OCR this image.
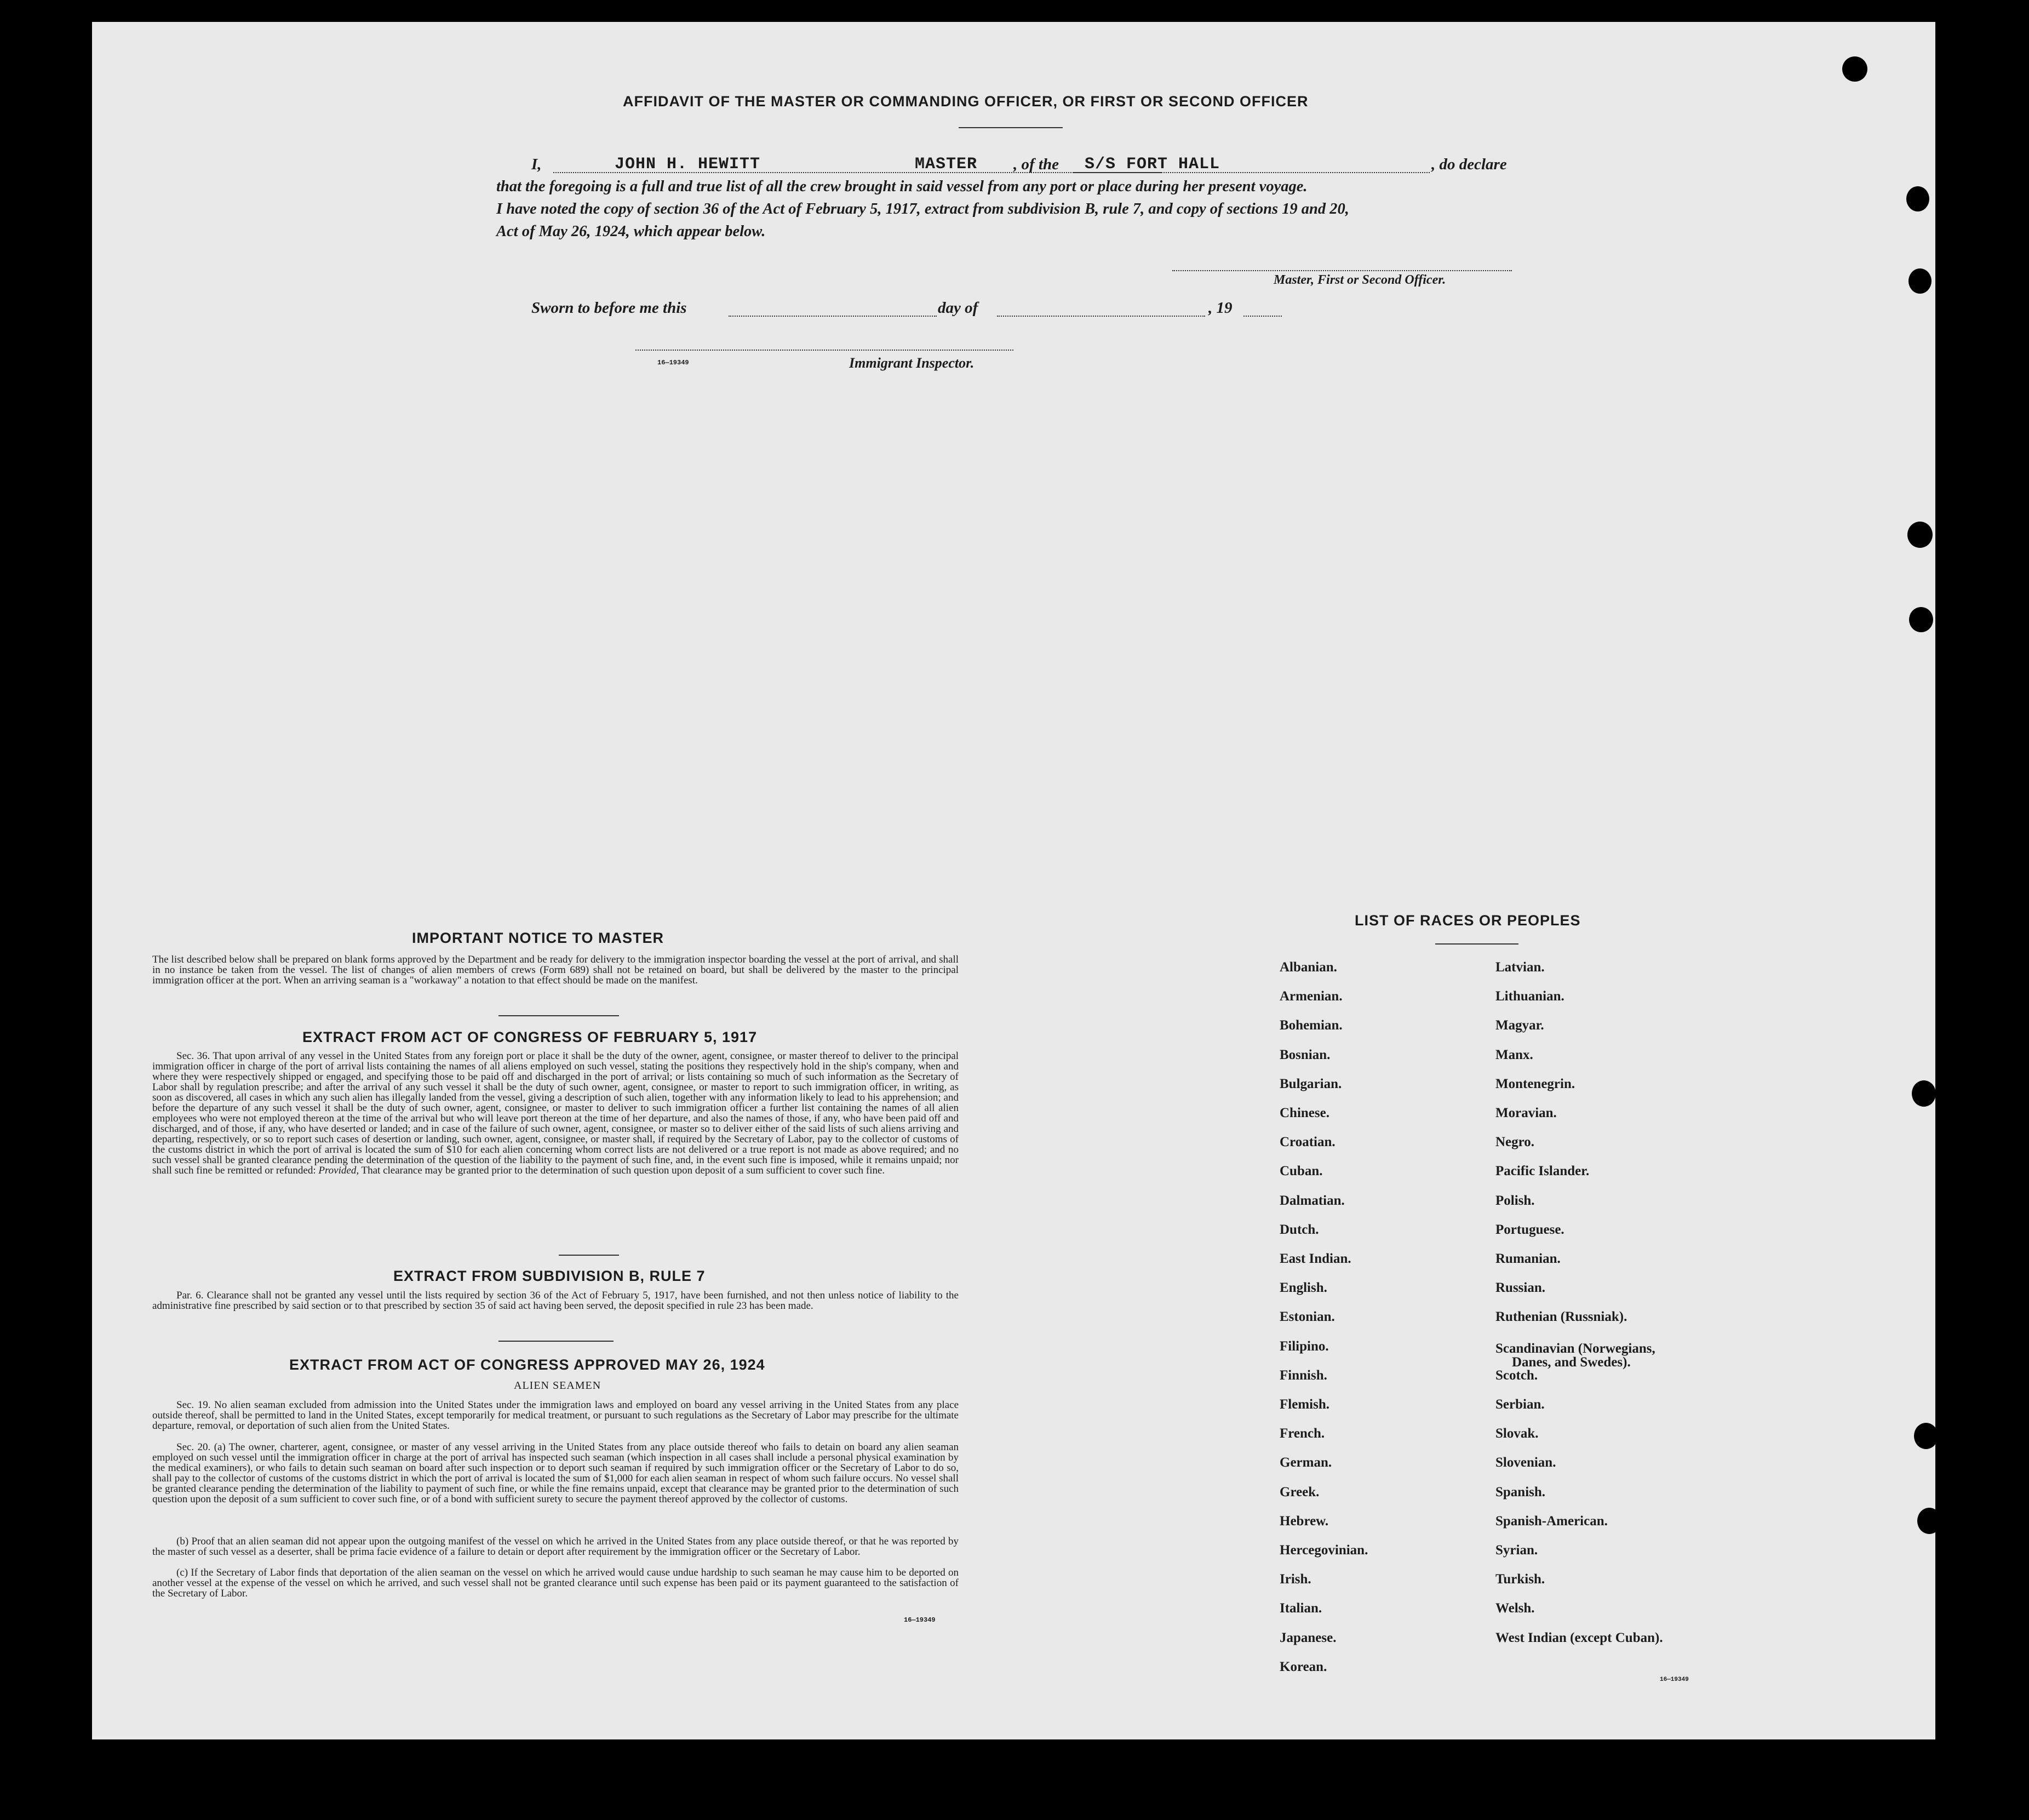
AFFIDAVIT OF THE MASTER OR COMMANDING OFFICER, OR FIRST OR SECOND OFFICER
I,	JOHN H. HEWITT	MASTER , of the S/S FORT HALL	, do declare
that the foregoing is a full and true list of all the crew brought in said vessel from any port or place during her present voyage.
I have noted the copy of section 36 of the Act of February 5, 1917, extract from subdivision B, rule 7, and copy of sections 19 and 20,
Act of May 26, 1924, which appear below.
Master, First or Second Officer.
Sworn to before me this	day of	, 19
16—19349	Immigrant Inspector.
IMPORTANT NOTICE TO MASTER
The list described below shall be prepared on blank forms approved by the Department and be ready for delivery to the immigration inspector boarding the vessel at the port of arrival, and shall in no instance be taken from the vessel. The list of changes of alien members of crews (Form 689) shall not be retained on board, but shall be delivered by the master to the principal immigration officer at the port. When an arriving seaman is a "workaway" a notation to that effect should be made on the manifest.
EXTRACT FROM ACT OF CONGRESS OF FEBRUARY 5, 1917
Sec. 36. That upon arrival of any vessel in the United States from any foreign port or place it shall be the duty of the owner, agent, consignee, or master thereof to deliver to the principal immigration officer in charge of the port of arrival lists containing the names of all aliens employed on such vessel, stating the positions they respectively hold in the ship's company, when and where they were respectively shipped or engaged, and specifying those to be paid off and discharged in the port of arrival; or lists containing so much of such information as the Secretary of Labor shall by regulation prescribe; and after the arrival of any such vessel it shall be the duty of such owner, agent, consignee, or master to report to such immigration officer, in writing, as soon as discovered, all cases in which any such alien has illegally landed from the vessel, giving a description of such alien, together with any information likely to lead to his apprehension; and before the departure of any such vessel it shall be the duty of such owner, agent, consignee, or master to deliver to such immigration officer a further list containing the names of all alien employees who were not employed thereon at the time of the arrival but who will leave port thereon at the time of her departure, and also the names of those, if any, who have been paid off and discharged, and of those, if any, who have deserted or landed; and in case of the failure of such owner, agent, consignee, or master so to deliver either of the said lists of such aliens arriving and departing, respectively, or so to report such cases of desertion or landing, such owner, agent, consignee, or master shall, if required by the Secretary of Labor, pay to the collector of customs of the customs district in which the port of arrival is located the sum of $10 for each alien concerning whom correct lists are not delivered or a true report is not made as above required; and no such vessel shall be granted clearance pending the determination of the question of the liability to the payment of such fine, and, in the event such fine is imposed, while it remains unpaid; nor shall such fine be remitted or refunded: Provided, That clearance may be granted prior to the determination of such question upon deposit of a sum sufficient to cover such fine.
EXTRACT FROM SUBDIVISION B, RULE 7
Par. 6. Clearance shall not be granted any vessel until the lists required by section 36 of the Act of February 5, 1917, have been furnished, and not then unless notice of liability to the administrative fine prescribed by said section or to that prescribed by section 35 of said act having been served, the deposit specified in rule 23 has been made.
EXTRACT FROM ACT OF CONGRESS APPROVED MAY 26, 1924
ALIEN SEAMEN
Sec. 19. No alien seaman excluded from admission into the United States under the immigration laws and employed on board any vessel arriving in the United States from any place outside thereof, shall be permitted to land in the United States, except temporarily for medical treatment, or pursuant to such regulations as the Secretary of Labor may prescribe for the ultimate departure, removal, or deportation of such alien from the United States.
Sec. 20. (a) The owner, charterer, agent, consignee, or master of any vessel arriving in the United States from any place outside thereof who fails to detain on board any alien seaman employed on such vessel until the immigration officer in charge at the port of arrival has inspected such seaman (which inspection in all cases shall include a personal physical examination by the medical examiners), or who fails to detain such seaman on board after such inspection or to deport such seaman if required by such immigration officer or the Secretary of Labor to do so, shall pay to the collector of customs of the customs district in which the port of arrival is located the sum of $1,000 for each alien seaman in respect of whom such failure occurs. No vessel shall be granted clearance pending the determination of the liability to payment of such fine, or while the fine remains unpaid, except that clearance may be granted prior to the determination of such question upon the deposit of a sum sufficient to cover such fine, or of a bond with sufficient surety to secure the payment thereof approved by the collector of customs.
(b) Proof that an alien seaman did not appear upon the outgoing manifest of the vessel on which he arrived in the United States from any place outside thereof, or that he was reported by the master of such vessel as a deserter, shall be prima facie evidence of a failure to detain or deport after requirement by the immigration officer or the Secretary of Labor.
(c) If the Secretary of Labor finds that deportation of the alien seaman on the vessel on which he arrived would cause undue hardship to such seaman he may cause him to be deported on another vessel at the expense of the vessel on which he arrived, and such vessel shall not be granted clearance until such expense has been paid or its payment guaranteed to the satisfaction of the Secretary of Labor.
16—19349
LIST OF RACES OR PEOPLES
Albanian.
Armenian.
Bohemian.
Bosnian.
Bulgarian.
Chinese.
Croatian.
Cuban.
Dalmatian.
Dutch.
East Indian.
English.
Estonian.
Filipino.
Finnish.
Flemish.
French.
German.
Greek.
Hebrew.
Hercegovinian.
Irish.
Italian.
Japanese.
Korean.
Latvian.
Lithuanian.
Magyar.
Manx.
Montenegrin.
Moravian.
Negro.
Pacific Islander.
Polish.
Portuguese.
Rumanian.
Russian.
Ruthenian (Russniak).
Scandinavian (Norwegians,
Danes, and Swedes).
Scotch.
Serbian.
Slovak.
Slovenian.
Spanish.
Spanish-American.
Syrian.
Turkish.
Welsh.
West Indian (except Cuban).
16—19349
